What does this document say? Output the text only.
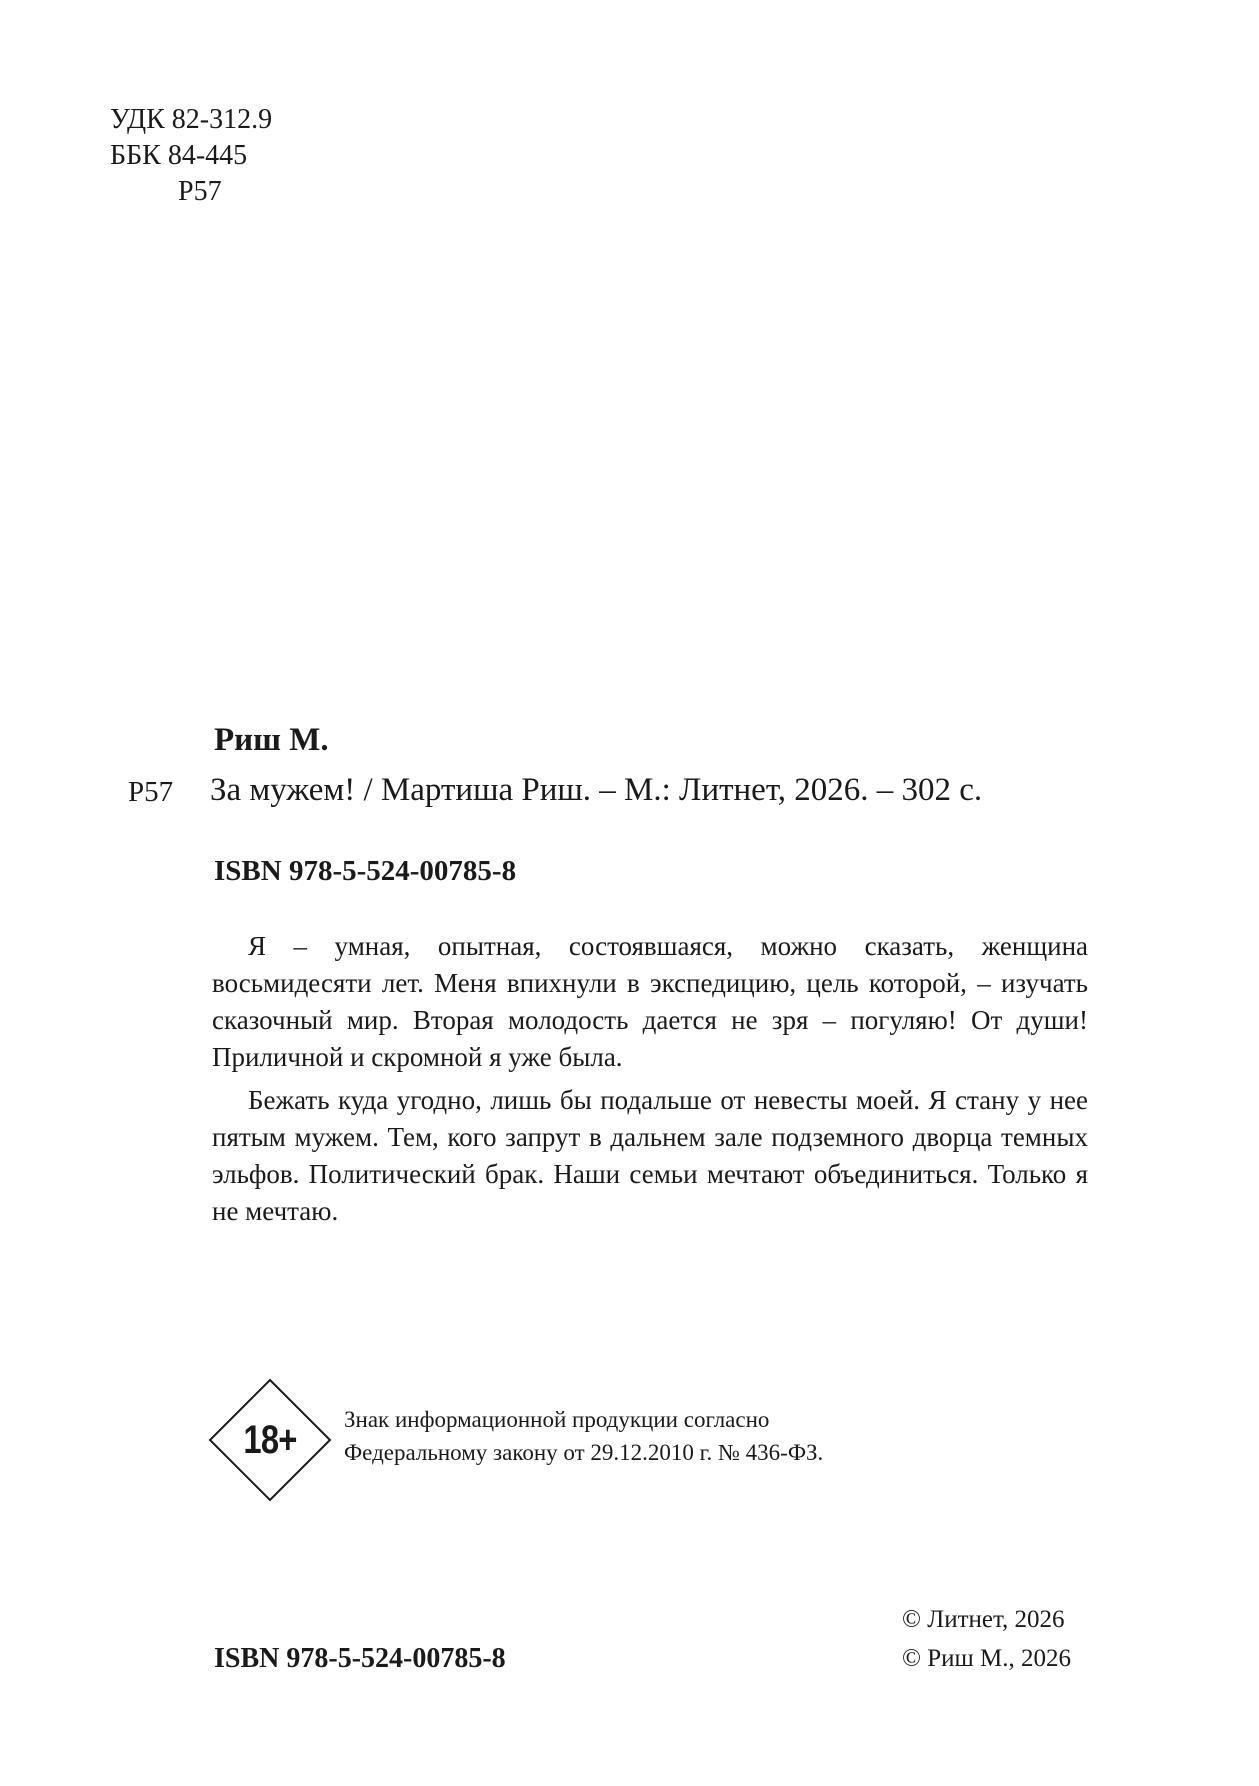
УДК 82-312.9
ББК 84-445
Р57
Риш М.
Р57 За мужем! / Мартиша Риш. – М.: Литнет, 2026. – 302 с.
ISBN 978-5-524-00785-8

Я – умная, опытная, состоявшаяся, можно сказать, женщина восьмидесяти лет. Меня впихнули в экспедицию, цель которой, – изучать сказочный мир. Вторая молодость дается не зря – погуляю! От души! Приличной и скромной я уже была.

Бежать куда угодно, лишь бы подальше от невесты моей. Я стану у нее пятым мужем. Тем, кого запрут в дальнем зале подземного дворца темных эльфов. Политический брак. Наши семьи мечтают объединиться. Только я не мечтаю.

18+	Знак информационной продукции согласно
Федеральному закону от 29.12.2010 г. № 436-ФЗ.
ISBN 978-5-524-00785-8
© Литнет, 2026
© Риш М., 2026
